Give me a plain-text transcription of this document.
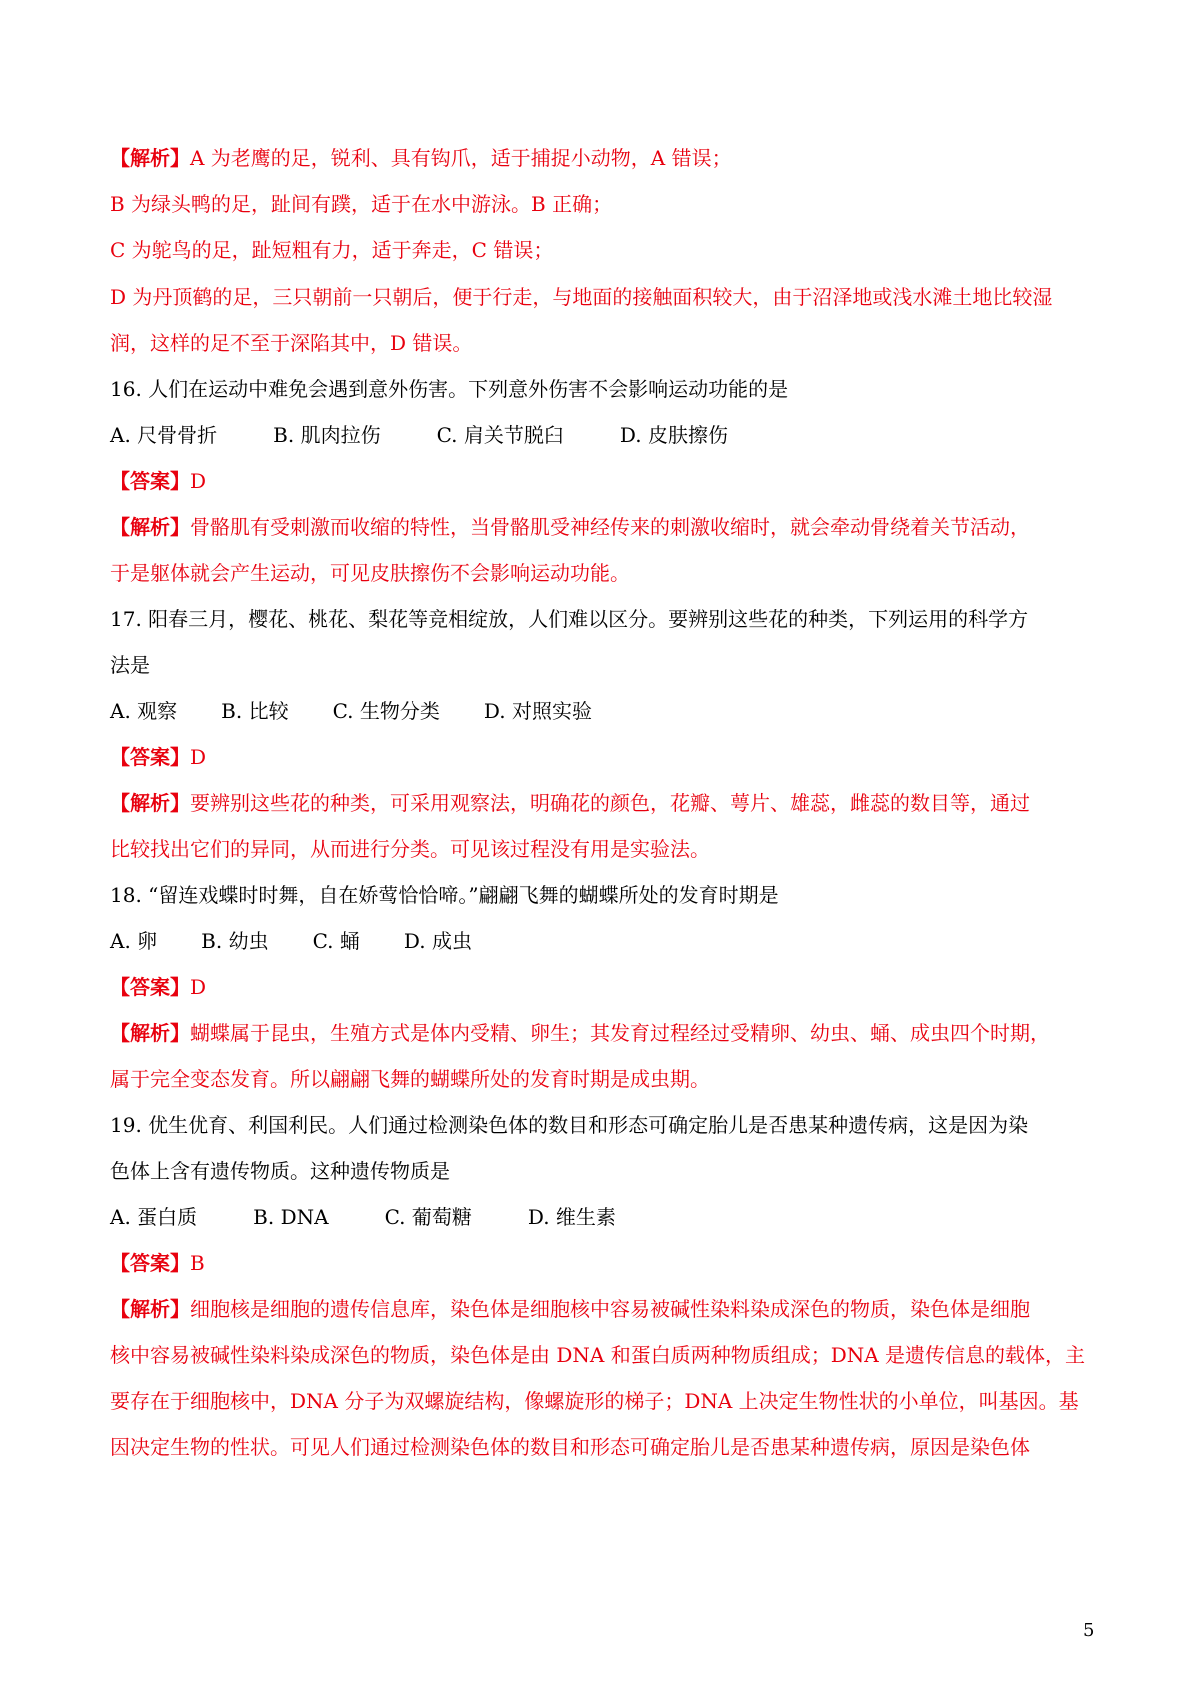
【解析】A 为老鹰的足，锐利、具有钩爪，适于捕捉小动物，A 错误；
B 为绿头鸭的足，趾间有蹼，适于在水中游泳。B 正确；
C 为鸵鸟的足，趾短粗有力，适于奔走，C 错误；
D 为丹顶鹤的足，三只朝前一只朝后，便于行走，与地面的接触面积较大，由于沼泽地或浅水滩土地比较湿
润，这样的足不至于深陷其中，D 错误。
16. 人们在运动中难免会遇到意外伤害。下列意外伤害不会影响运动功能的是
A. 尺骨骨折	B. 肌肉拉伤	C. 肩关节脱臼	D. 皮肤擦伤
【答案】D
【解析】骨骼肌有受刺激而收缩的特性，当骨骼肌受神经传来的刺激收缩时，就会牵动骨绕着关节活动，
于是躯体就会产生运动，可见皮肤擦伤不会影响运动功能。
17. 阳春三月，樱花、桃花、梨花等竞相绽放，人们难以区分。要辨别这些花的种类，下列运用的科学方
法是
A. 观察 B. 比较 C. 生物分类 D. 对照实验
【答案】D
【解析】要辨别这些花的种类，可采用观察法，明确花的颜色，花瓣、萼片、雄蕊，雌蕊的数目等，通过
比较找出它们的异同，从而进行分类。可见该过程没有用是实验法。
18. “留连戏蝶时时舞，自在娇莺恰恰啼。”翩翩飞舞的蝴蝶所处的发育时期是
A. 卵 B. 幼虫 C. 蛹 D. 成虫
【答案】D
【解析】蝴蝶属于昆虫，生殖方式是体内受精、卵生；其发育过程经过受精卵、幼虫、蛹、成虫四个时期，
属于完全变态发育。所以翩翩飞舞的蝴蝶所处的发育时期是成虫期。
19. 优生优育、利国利民。人们通过检测染色体的数目和形态可确定胎儿是否患某种遗传病，这是因为染
色体上含有遗传物质。这种遗传物质是
A. 蛋白质	B. DNA	C. 葡萄糖	D. 维生素
【答案】B
【解析】细胞核是细胞的遗传信息库，染色体是细胞核中容易被碱性染料染成深色的物质，染色体是细胞
核中容易被碱性染料染成深色的物质，染色体是由 DNA 和蛋白质两种物质组成；DNA 是遗传信息的载体，主
要存在于细胞核中，DNA 分子为双螺旋结构，像螺旋形的梯子；DNA 上决定生物性状的小单位，叫基因。基
因决定生物的性状。可见人们通过检测染色体的数目和形态可确定胎儿是否患某种遗传病，原因是染色体
5
